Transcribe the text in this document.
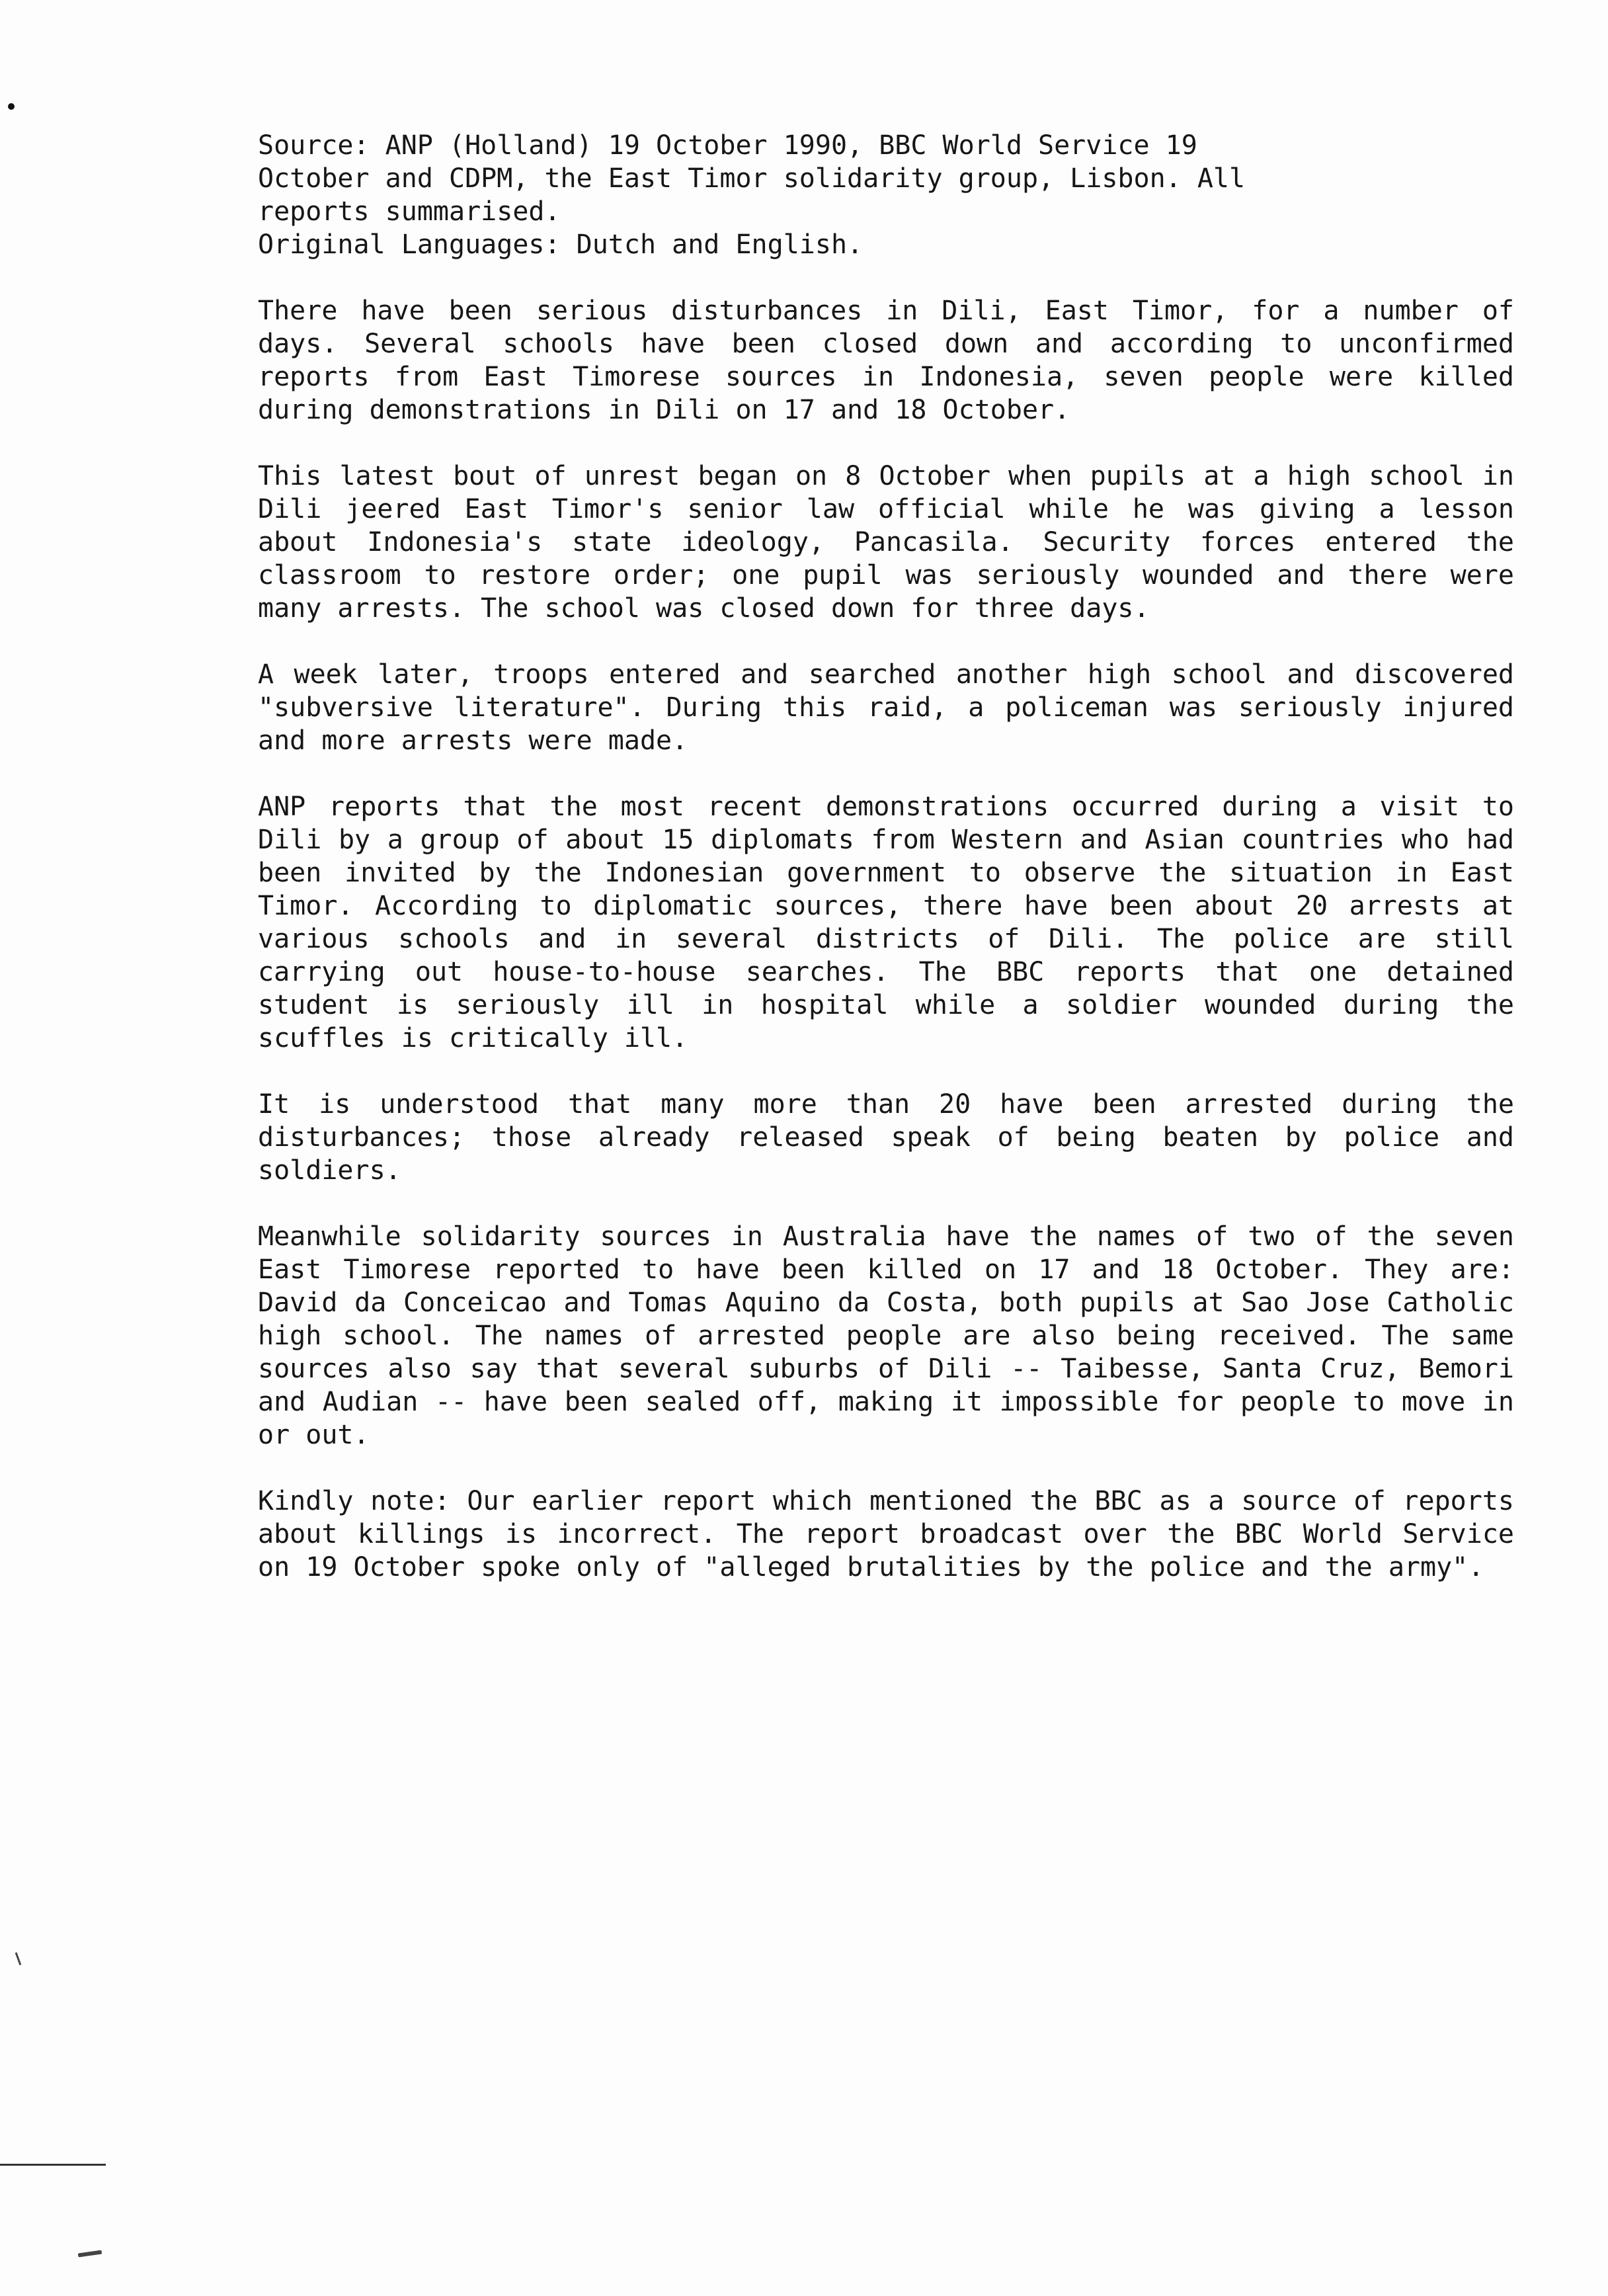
Source: ANP (Holland) 19 October 1990, BBC World Service 19
October and CDPM, the East Timor solidarity group, Lisbon. All
reports summarised.
Original Languages: Dutch and English.

There have been serious disturbances in Dili, East Timor, for a number of days. Several schools have been closed down and according to unconfirmed reports from East Timorese sources in Indonesia, seven people were killed during demonstrations in Dili on 17 and 18 October.

This latest bout of unrest began on 8 October when pupils at a high school in Dili jeered East Timor's senior law official while he was giving a lesson about Indonesia's state ideology, Pancasila. Security forces entered the classroom to restore order; one pupil was seriously wounded and there were many arrests. The school was closed down for three days.

A week later, troops entered and searched another high school and discovered "subversive literature". During this raid, a policeman was seriously injured and more arrests were made.

ANP reports that the most recent demonstrations occurred during a visit to Dili by a group of about 15 diplomats from Western and Asian countries who had been invited by the Indonesian government to observe the situation in East Timor. According to diplomatic sources, there have been about 20 arrests at various schools and in several districts of Dili. The police are still carrying out house-to-house searches. The BBC reports that one detained student is seriously ill in hospital while a soldier wounded during the scuffles is critically ill.

It is understood that many more than 20 have been arrested during the disturbances; those already released speak of being beaten by police and soldiers.

Meanwhile solidarity sources in Australia have the names of two of the seven East Timorese reported to have been killed on 17 and 18 October. They are: David da Conceicao and Tomas Aquino da Costa, both pupils at Sao Jose Catholic high school. The names of arrested people are also being received. The same sources also say that several suburbs of Dili -- Taibesse, Santa Cruz, Bemori and Audian -- have been sealed off, making it impossible for people to move in or out.

Kindly note: Our earlier report which mentioned the BBC as a source of reports about killings is incorrect. The report broadcast over the BBC World Service on 19 October spoke only of "alleged brutalities by the police and the army".
